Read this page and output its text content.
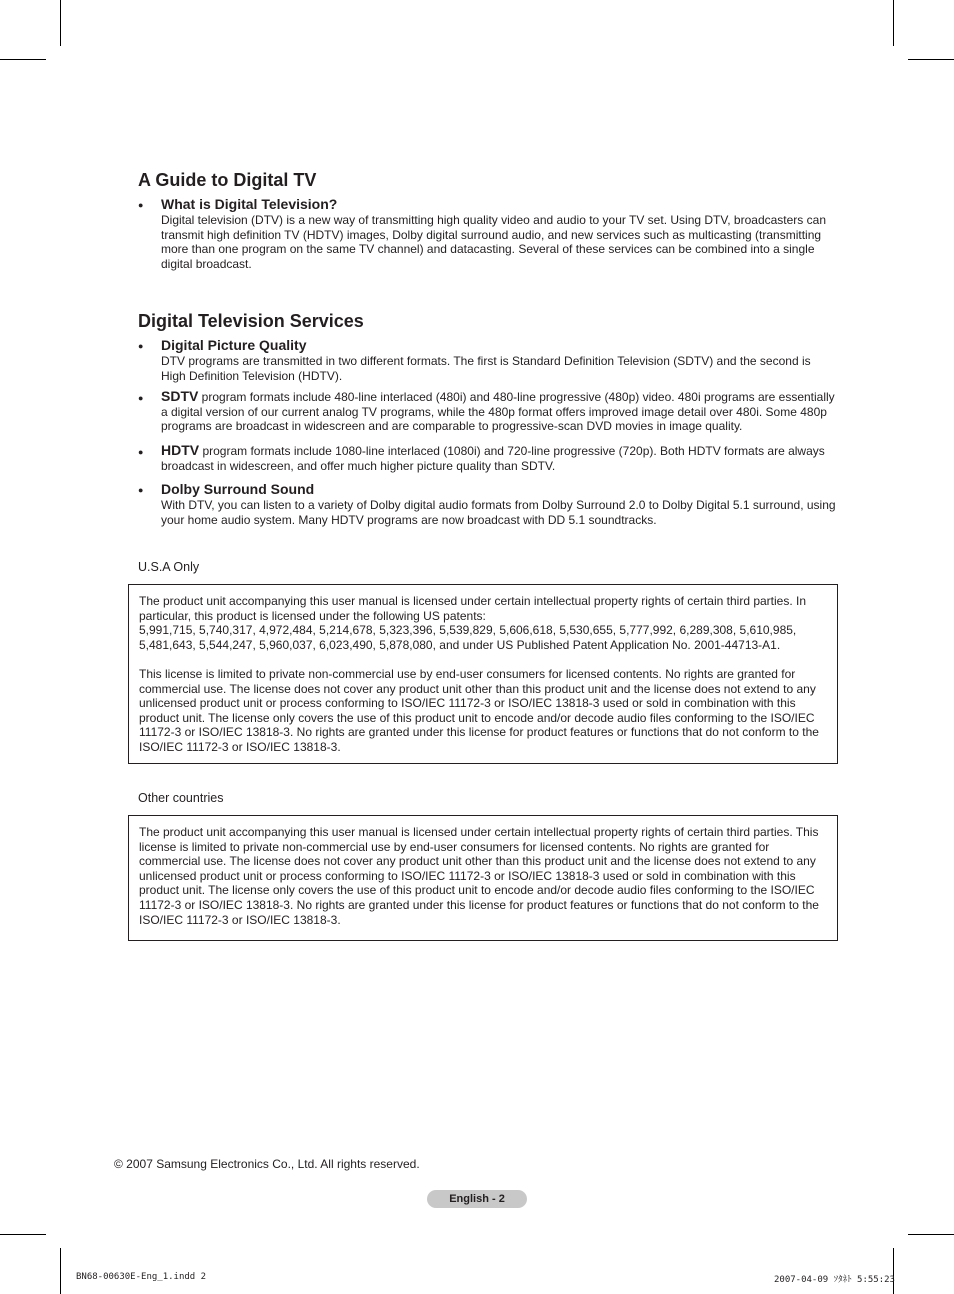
A Guide to Digital TV
● What is Digital Television?
Digital television (DTV) is a new way of transmitting high quality video and audio to your TV set. Using DTV, broadcasters can transmit high definition TV (HDTV) images, Dolby digital surround audio, and new services such as multicasting (transmitting more than one program on the same TV channel) and datacasting. Several of these services can be combined into a single digital broadcast.
Digital Television Services
● Digital Picture Quality
DTV programs are transmitted in two different formats. The first is Standard Definition Television (SDTV) and the second is High Definition Television (HDTV).
● SDTV program formats include 480-line interlaced (480i) and 480-line progressive (480p) video. 480i programs are essentially a digital version of our current analog TV programs, while the 480p format offers improved image detail over 480i. Some 480p programs are broadcast in widescreen and are comparable to progressive-scan DVD movies in image quality.
● HDTV program formats include 1080-line interlaced (1080i) and 720-line progressive (720p). Both HDTV formats are always broadcast in widescreen, and offer much higher picture quality than SDTV.
● Dolby Surround Sound
With DTV, you can listen to a variety of Dolby digital audio formats from Dolby Surround 2.0 to Dolby Digital 5.1 surround, using your home audio system. Many HDTV programs are now broadcast with DD 5.1 soundtracks.
U.S.A Only
The product unit accompanying this user manual is licensed under certain intellectual property rights of certain third parties. In particular, this product is licensed under the following US patents:
5,991,715, 5,740,317, 4,972,484, 5,214,678, 5,323,396, 5,539,829, 5,606,618, 5,530,655, 5,777,992, 6,289,308, 5,610,985, 5,481,643, 5,544,247, 5,960,037, 6,023,490, 5,878,080, and under US Published Patent Application No. 2001-44713-A1.
This license is limited to private non-commercial use by end-user consumers for licensed contents. No rights are granted for commercial use. The license does not cover any product unit other than this product unit and the license does not extend to any unlicensed product unit or process conforming to ISO/IEC 11172-3 or ISO/IEC 13818-3 used or sold in combination with this product unit. The license only covers the use of this product unit to encode and/or decode audio files conforming to the ISO/IEC 11172-3 or ISO/IEC 13818-3. No rights are granted under this license for product features or functions that do not conform to the ISO/IEC 11172-3 or ISO/IEC 13818-3.
Other countries
The product unit accompanying this user manual is licensed under certain intellectual property rights of certain third parties. This license is limited to private non-commercial use by end-user consumers for licensed contents. No rights are granted for commercial use. The license does not cover any product unit other than this product unit and the license does not extend to any unlicensed product unit or process conforming to ISO/IEC 11172-3 or ISO/IEC 13818-3 used or sold in combination with this product unit. The license only covers the use of this product unit to encode and/or decode audio files conforming to the ISO/IEC 11172-3 or ISO/IEC 13818-3. No rights are granted under this license for product features or functions that do not conform to the ISO/IEC 11172-3 or ISO/IEC 13818-3.
© 2007 Samsung Electronics Co., Ltd. All rights reserved.
English - 2
BN68-00630E-Eng_1.indd 2	2007-04-09 ｿﾀﾈﾄ 5:55:23
